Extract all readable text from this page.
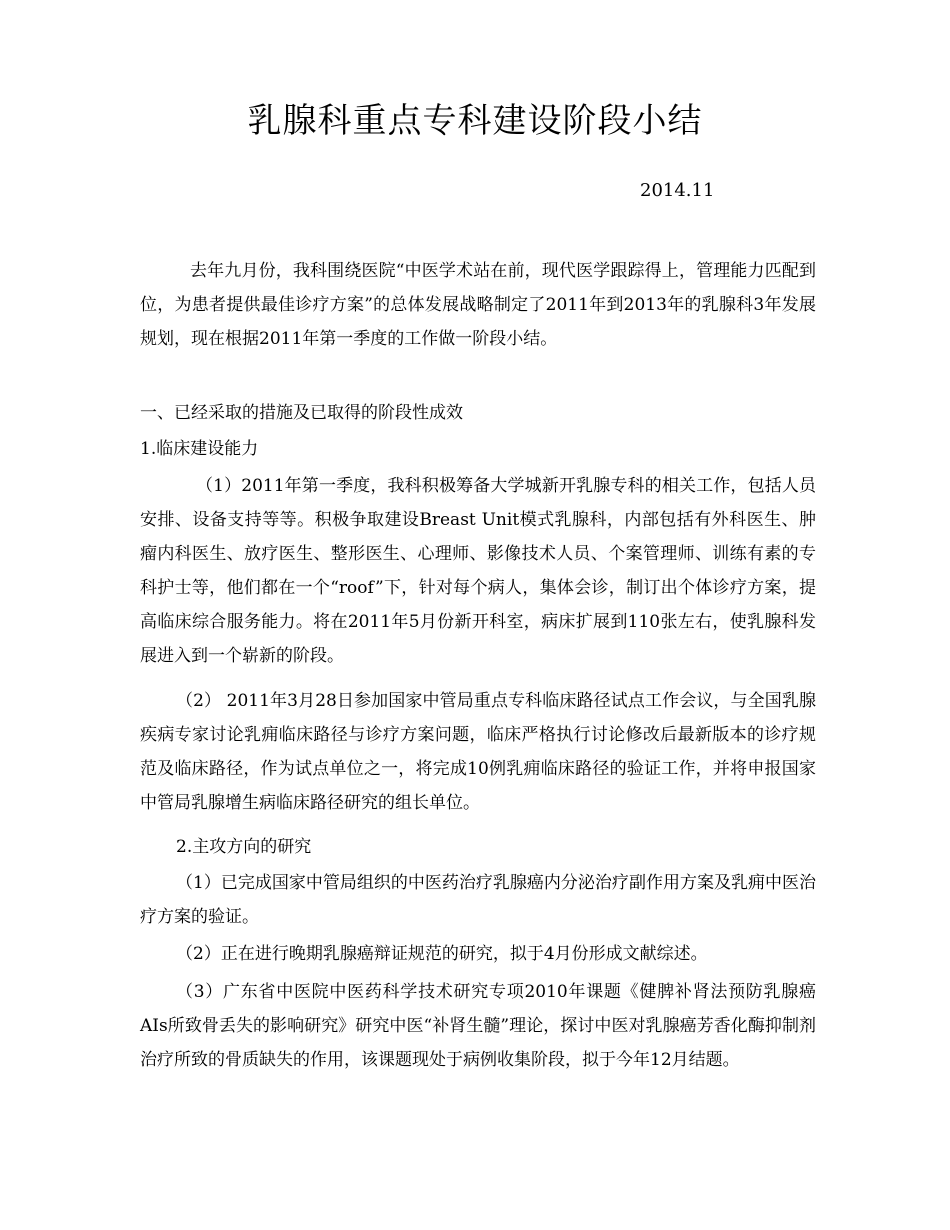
乳腺科重点专科建设阶段小结
2014.11

去年九月份，我科围绕医院“中医学术站在前，现代医学跟踪得上，管理能力匹配到位，为患者提供最佳诊疗方案”的总体发展战略制定了2011年到2013年的乳腺科3年发展规划，现在根据2011年第一季度的工作做一阶段小结。

一、已经采取的措施及已取得的阶段性成效
1.临床建设能力

（1）2011年第一季度，我科积极筹备大学城新开乳腺专科的相关工作，包括人员安排、设备支持等等。积极争取建设Breast Unit模式乳腺科，内部包括有外科医生、肿瘤内科医生、放疗医生、整形医生、心理师、影像技术人员、个案管理师、训练有素的专科护士等，他们都在一个“roof”下，针对每个病人，集体会诊，制订出个体诊疗方案，提高临床综合服务能力。将在2011年5月份新开科室，病床扩展到110张左右，使乳腺科发展进入到一个崭新的阶段。

（2） 2011年3月28日参加国家中管局重点专科临床路径试点工作会议，与全国乳腺疾病专家讨论乳痈临床路径与诊疗方案问题，临床严格执行讨论修改后最新版本的诊疗规范及临床路径，作为试点单位之一，将完成10例乳痈临床路径的验证工作，并将申报国家中管局乳腺增生病临床路径研究的组长单位。

2.主攻方向的研究

（1）已完成国家中管局组织的中医药治疗乳腺癌内分泌治疗副作用方案及乳痈中医治疗方案的验证。

（2）正在进行晚期乳腺癌辩证规范的研究，拟于4月份形成文献综述。

（3）广东省中医院中医药科学技术研究专项2010年课题《健脾补肾法预防乳腺癌AIs所致骨丢失的影响研究》研究中医“补肾生髓”理论，探讨中医对乳腺癌芳香化酶抑制剂治疗所致的骨质缺失的作用，该课题现处于病例收集阶段，拟于今年12月结题。
